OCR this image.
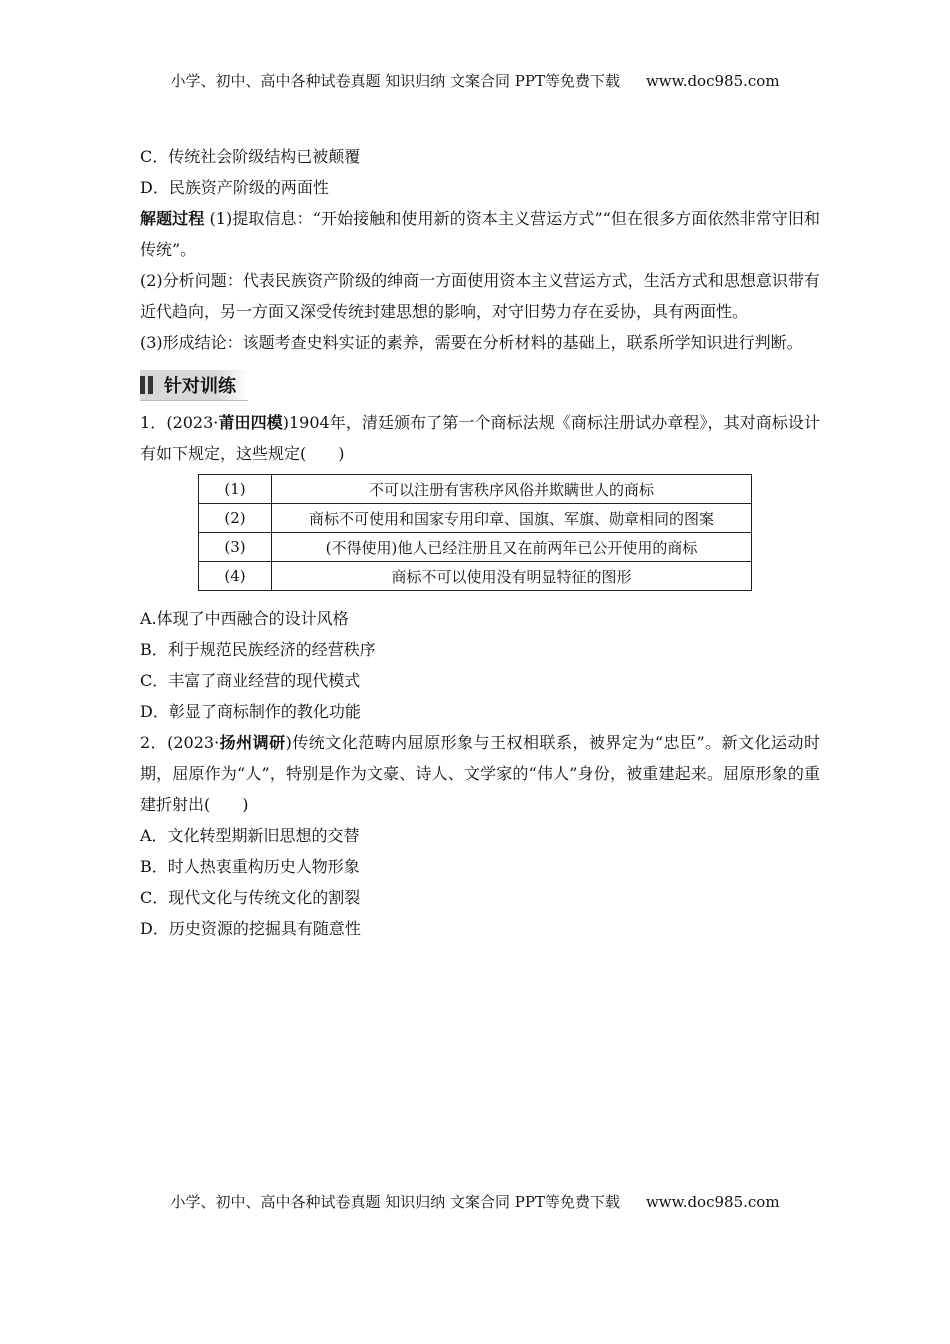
小学、初中、高中各种试卷真题 知识归纳 文案合同 PPT等免费下载 www.doc985.com
C．传统社会阶级结构已被颠覆
D．民族资产阶级的两面性
解题过程 (1)提取信息：“开始接触和使用新的资本主义营运方式”“但在很多方面依然非常守旧和传统”。
(2)分析问题：代表民族资产阶级的绅商一方面使用资本主义营运方式，生活方式和思想意识带有近代趋向，另一方面又深受传统封建思想的影响，对守旧势力存在妥协，具有两面性。
(3)形成结论：该题考查史料实证的素养，需要在分析材料的基础上，联系所学知识进行判断。
针对训练
1．(2023·莆田四模)1904年，清廷颁布了第一个商标法规《商标注册试办章程》，其对商标设计有如下规定，这些规定(　　)
(1)	不可以注册有害秩序风俗并欺瞒世人的商标
(2)	商标不可使用和国家专用印章、国旗、军旗、勋章相同的图案
(3)	(不得使用)他人已经注册且又在前两年已公开使用的商标
(4)	商标不可以使用没有明显特征的图形
A.体现了中西融合的设计风格
B．利于规范民族经济的经营秩序
C．丰富了商业经营的现代模式
D．彰显了商标制作的教化功能
2．(2023·扬州调研)传统文化范畴内屈原形象与王权相联系，被界定为“忠臣”。新文化运动时期，屈原作为“人”，特别是作为文豪、诗人、文学家的“伟人”身份，被重建起来。屈原形象的重建折射出(　　)
A．文化转型期新旧思想的交替
B．时人热衷重构历史人物形象
C．现代文化与传统文化的割裂
D．历史资源的挖掘具有随意性
小学、初中、高中各种试卷真题 知识归纳 文案合同 PPT等免费下载 www.doc985.com
